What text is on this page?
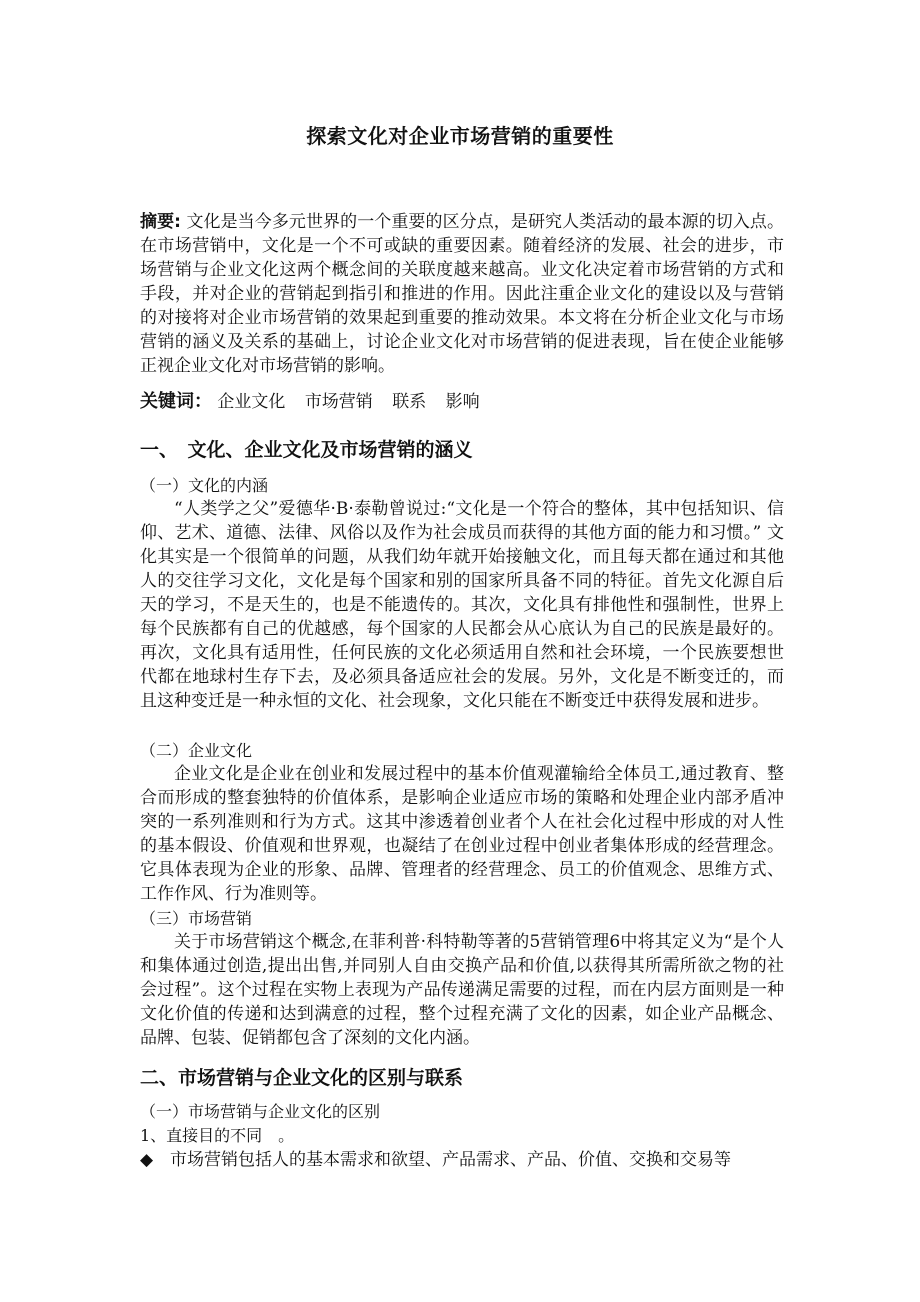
探索文化对企业市场营销的重要性
摘要: 文化是当今多元世界的一个重要的区分点，是研究人类活动的最本源的切入点。在市场营销中，文化是一个不可或缺的重要因素。随着经济的发展、社会的进步，市场营销与企业文化这两个概念间的关联度越来越高。业文化决定着市场营销的方式和手段，并对企业的营销起到指引和推进的作用。因此注重企业文化的建设以及与营销的对接将对企业市场营销的效果起到重要的推动效果。本文将在分析企业文化与市场营销的涵义及关系的基础上，讨论企业文化对市场营销的促进表现，旨在使企业能够正视企业文化对市场营销的影响。
关键词： 企业文化 市场营销 联系 影响
一、　文化、企业文化及市场营销的涵义
（一）文化的内涵
“人类学之父”爱德华·B·泰勒曾说过:“文化是一个符合的整体，其中包括知识、信仰、艺术、道德、法律、风俗以及作为社会成员而获得的其他方面的能力和习惯。” 文化其实是一个很简单的问题，从我们幼年就开始接触文化，而且每天都在通过和其他人的交往学习文化，文化是每个国家和别的国家所具备不同的特征。首先文化源自后天的学习，不是天生的，也是不能遗传的。其次，文化具有排他性和强制性，世界上每个民族都有自己的优越感，每个国家的人民都会从心底认为自己的民族是最好的。再次，文化具有适用性，任何民族的文化必须适用自然和社会环境，一个民族要想世代都在地球村生存下去，及必须具备适应社会的发展。另外，文化是不断变迁的，而且这种变迁是一种永恒的文化、社会现象，文化只能在不断变迁中获得发展和进步。
（二）企业文化
企业文化是企业在创业和发展过程中的基本价值观灌输给全体员工,通过教育、整合而形成的整套独特的价值体系，是影响企业适应市场的策略和处理企业内部矛盾冲突的一系列准则和行为方式。这其中渗透着创业者个人在社会化过程中形成的对人性的基本假设、价值观和世界观，也凝结了在创业过程中创业者集体形成的经营理念。它具体表现为企业的形象、品牌、管理者的经营理念、员工的价值观念、思维方式、工作作风、行为准则等。
（三）市场营销
关于市场营销这个概念,在菲利普·科特勒等著的5营销管理6中将其定义为“是个人和集体通过创造,提出出售,并同别人自由交换产品和价值,以获得其所需所欲之物的社会过程”。这个过程在实物上表现为产品传递满足需要的过程，而在内层方面则是一种文化价值的传递和达到满意的过程，整个过程充满了文化的因素，如企业产品概念、品牌、包装、促销都包含了深刻的文化内涵。
二、市场营销与企业文化的区别与联系
（一）市场营销与企业文化的区别
1、直接目的不同　。
◆ 市场营销包括人的基本需求和欲望、产品需求、产品、价值、交换和交易等
